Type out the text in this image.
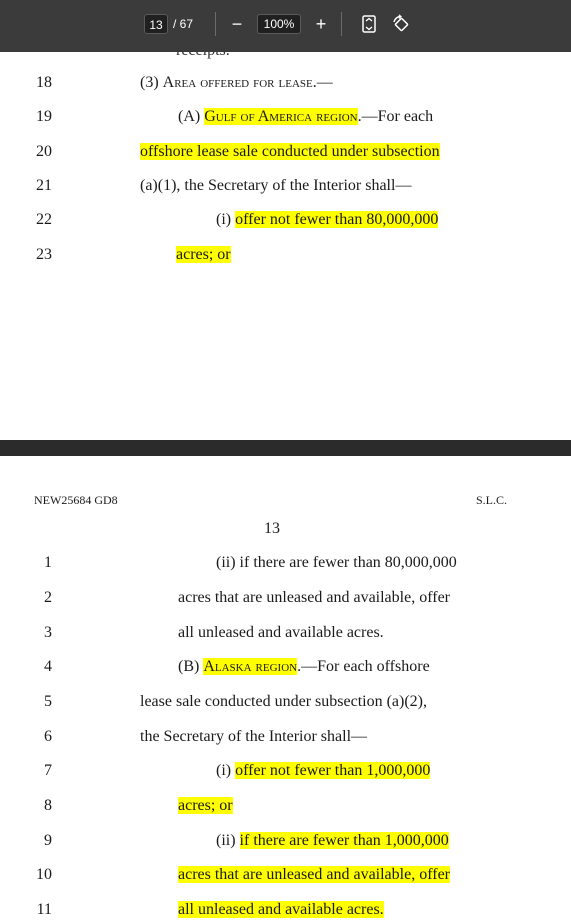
18	(3) Area offered for lease.—
19	(A) Gulf of America region.—For each
20	offshore lease sale conducted under subsection
21	(a)(1), the Secretary of the Interior shall—
22	(i) offer not fewer than 80,000,000
23	acres; or
NEW25684 GD8	S.L.C.
13
1	(ii) if there are fewer than 80,000,000
2	acres that are unleased and available, offer
3	all unleased and available acres.
4	(B) Alaska region.—For each offshore
5	lease sale conducted under subsection (a)(2),
6	the Secretary of the Interior shall—
7	(i) offer not fewer than 1,000,000
8	acres; or
9	(ii) if there are fewer than 1,000,000
10	acres that are unleased and available, offer
11	all unleased and available acres.
13 / 67 −	100%	+
